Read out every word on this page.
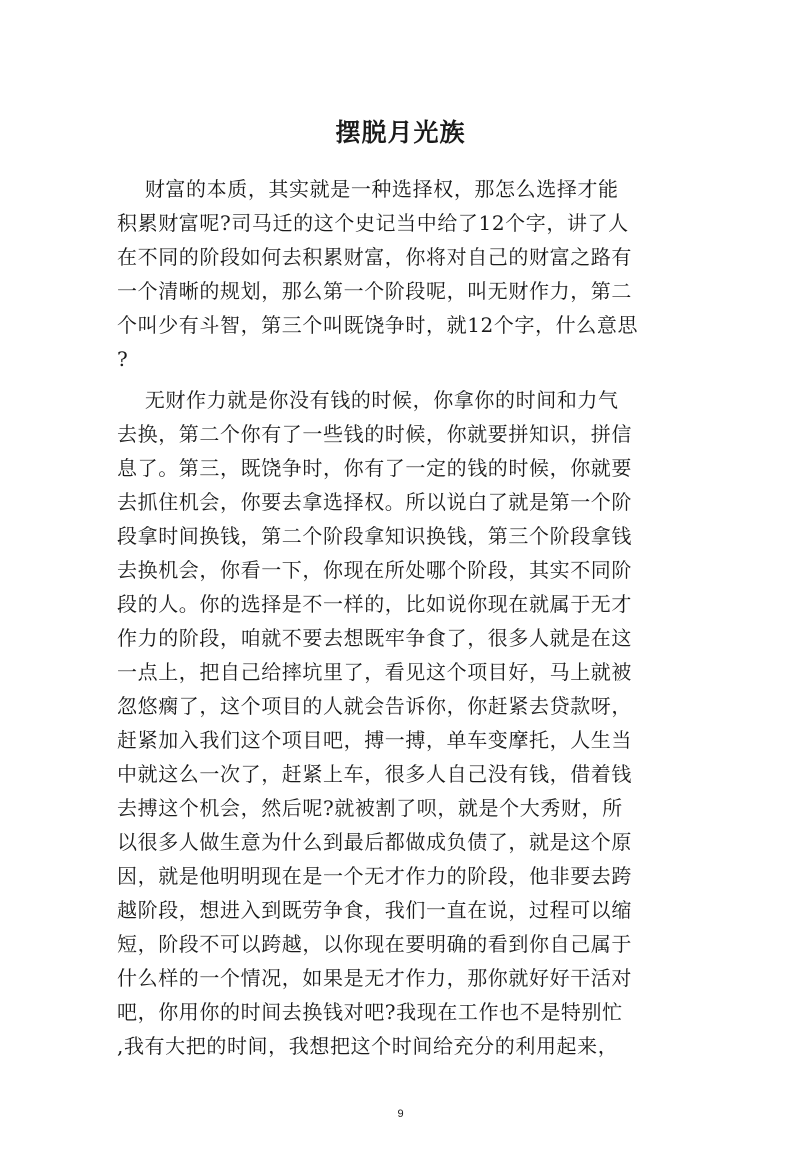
摆脱月光族
财富的本质，其实就是一种选择权，那怎么选择才能
积累财富呢?司马迁的这个史记当中给了12个字，讲了人
在不同的阶段如何去积累财富，你将对自己的财富之路有
一个清晰的规划，那么第一个阶段呢，叫无财作力，第二
个叫少有斗智，第三个叫既饶争时，就12个字，什么意思
?
无财作力就是你没有钱的时候，你拿你的时间和力气
去换，第二个你有了一些钱的时候，你就要拼知识，拼信
息了。第三，既饶争时，你有了一定的钱的时候，你就要
去抓住机会，你要去拿选择权。所以说白了就是第一个阶
段拿时间换钱，第二个阶段拿知识换钱，第三个阶段拿钱
去换机会，你看一下，你现在所处哪个阶段，其实不同阶
段的人。你的选择是不一样的，比如说你现在就属于无才
作力的阶段，咱就不要去想既牢争食了，很多人就是在这
一点上，把自己给摔坑里了，看见这个项目好，马上就被
忽悠瘸了，这个项目的人就会告诉你，你赶紧去贷款呀，
赶紧加入我们这个项目吧，搏一搏，单车变摩托，人生当
中就这么一次了，赶紧上车，很多人自己没有钱，借着钱
去搏这个机会，然后呢?就被割了呗，就是个大秀财，所
以很多人做生意为什么到最后都做成负债了，就是这个原
因，就是他明明现在是一个无才作力的阶段，他非要去跨
越阶段，想进入到既劳争食，我们一直在说，过程可以缩
短，阶段不可以跨越，以你现在要明确的看到你自己属于
什么样的一个情况，如果是无才作力，那你就好好干活对
吧，你用你的时间去换钱对吧?我现在工作也不是特别忙
,我有大把的时间，我想把这个时间给充分的利用起来，
9
